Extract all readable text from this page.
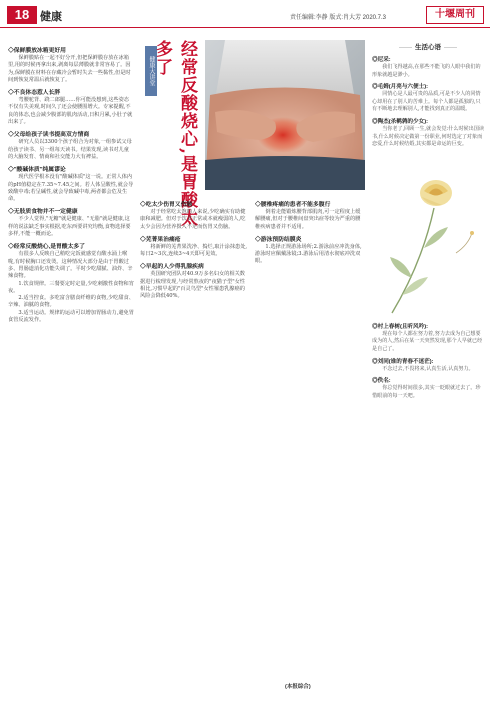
18 健康	责任编辑:李静 版式:肖大芳 2020.7.3	十堰周刊
◇保鲜膜放冰箱更好用

保鲜膜贴在一起不好分开,但把保鲜膜存放在冰箱里,用的时候再拿出来,剥离每层薄膜就非常容易了。因为,保鲜膜在材料在存藏冷会暂时失去一些黏性,但是时间到恢复常温后就恢复了。

◇不良体态惹人长胖

弯腰驼背、跷二郎腿……你可能没想到,这些姿态不仅有失美观,时间久了还会使腰围增大。专家提醒,不良的体态,也会减少腹部的肌肉活动,日积月累,小肚子就出来了。

◇父母给孩子读书提高双方情商

研究人员以3300个孩子组合为对象,一组参试父母给孩子读书、另一组每天读书。结果发现,读书对儿童的大脑发育、情商和社交能力大有裨益。

◇"酸碱体质"纯属谬论

现代医学根本没有"酸碱体质"这一说。正常人体内的pH值稳定在7.35~7.45之间。若人体呈酸性,就会导致酸中毒;若呈碱性,就会导致碱中毒,两者都会危及生命。

◇无肢质食物并不一定健康

不少人觉得,"无糖"就是健康、"无脂"就是健康,这样的说法缺乏事实根据,吃东西要讲究均衡,食物选择要多样,不能一概而论。

◇经常反酸烧心,是胃酸太多了

有很多人反映自己稍吃完饭就感觉有酸水涌上喉咙,有时候胸口还发烫。这种情况大部分是由于胃酸过多、胃肠道消化功能失调了。平时少吃甜腻、油炸、辛辣食物。

1.饮食规律。三餐要定时定量,少吃刺激性食物和宵夜。

2.适当控食。多吃富含膳食纤维的食物,少吃甜食、辛辣、油腻的食物。

3.适当运动。规律的运动可以增加胃肠动力,避免胃食管反流发作。

健康大讲堂	经常反酸烧心,是胃酸太多了
◇吃太少伤胃又伤脑

对于经常吃太饱的人来说,少吃确实有助健康和减肥。但对于饮食正常或本就瘦弱的人,吃太少会因为营养摄入不足而伤胃又伤脑。

◇芜菁果治痛疮

将新鲜的芜菁果洗净、捣烂,取汁涂抹患处,每日2~3次,连续3~4天即可见效。

◇早起的人少得乳腺疾病

英国研究团队对40.9万多名妇女的相关数据进行梳理发现,与经常熬夜的"夜猫子型"女性相比,习惯早起的"百灵鸟型"女性罹患乳腺癌的风险会降低40%。

◇腰椎疼痛的患者不能多腹行

倒着走能锻炼腰背部肌肉,可一定程度上缓解腰痛,但对于腰椎间盘突出症等较为严重的腰椎疾病患者并不适用。

◇游泳预防结膜炎

1.选择正规游泳场所;2.游泳前应冲洗身体,游泳时应佩戴泳镜;3.游泳后用清水彻底冲洗双眼。

(本报综合)
—— 生活心语 ——
◎尼采:

我们飞得越高,在那些不能飞的人眼中我们的形象就越是渺小。

◎毛姆(月亮与六便士):

同情心是人最可贵的品质,可是不少人的同情心却用在了别人的苦难上。每个人都是孤独的,只有不断地去理解别人,才能找到真正的温暖。

◎陶杰(杀鹌鹑的少女):

当你老了,回顾一生,就会发觉:什么时候出国读书,什么时候决定做第一份职业,何时选定了对象而恋爱,什么时候结婚,其实都是命运的巨变。

◎村上春树(且听风吟):

现在每个人都在努力着,努力去成为自己想要成为的人,然后在某一天突然发现,那个人早就已经是自己了。

◎刘同(谁的青春不迷茫):

不念过去,不畏将来,认真生活,认真努力。

◎佚名:

你总觉得时间很多,其实一眨眼就过去了。珍惜眼前的每一天吧。
